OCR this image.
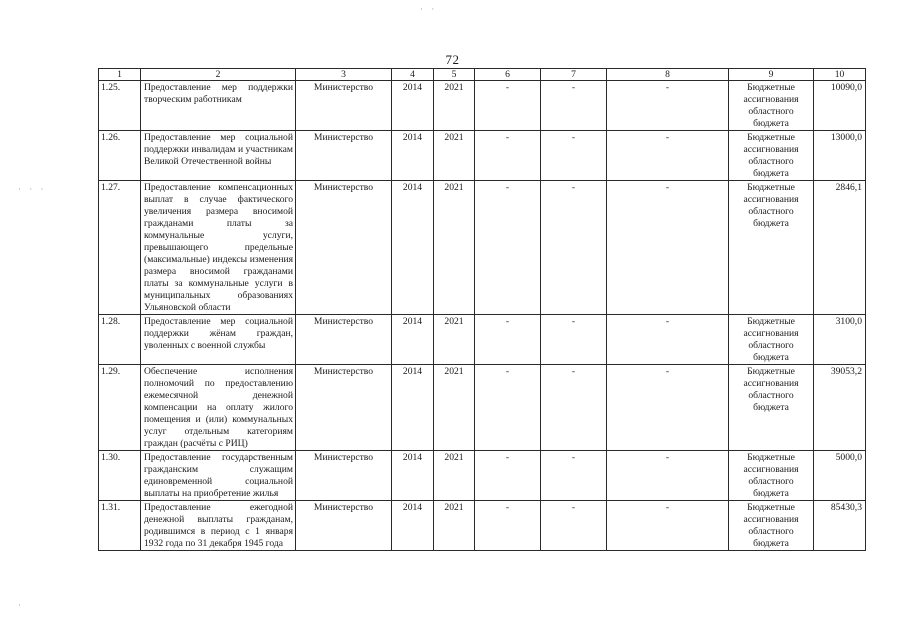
72
1	2	3	4	5	6	7	8	9	10
1.25.	Предоставление мер поддержки творческим работникам	Министерство	2014	2021	-	-	-	Бюджетные ассигнования областного бюджета	10090,0
1.26.	Предоставление мер социальной поддержки инвалидам и участникам Великой Отечественной войны	Министерство	2014	2021	-	-	-	Бюджетные ассигнования областного бюджета	13000,0
1.27.	Предоставление компенсационных выплат в случае фактического увеличения размера вносимой гражданами платы за коммунальные услуги, превышающего предельные (максимальные) индексы изменения размера вносимой гражданами платы за коммунальные услуги в муниципальных образованиях Ульяновской области	Министерство	2014	2021	-	-	-	Бюджетные ассигнования областного бюджета	2846,1
1.28.	Предоставление мер социальной поддержки жёнам граждан, уволенных с военной службы	Министерство	2014	2021	-	-	-	Бюджетные ассигнования областного бюджета	3100,0
1.29.	Обеспечение исполнения полномочий по предоставлению ежемесячной денежной компенсации на оплату жилого помещения и (или) коммунальных услуг отдельным категориям граждан (расчёты с РИЦ)	Министерство	2014	2021	-	-	-	Бюджетные ассигнования областного бюджета	39053,2
1.30.	Предоставление государственным гражданским служащим единовременной социальной выплаты на приобретение жилья	Министерство	2014	2021	-	-	-	Бюджетные ассигнования областного бюджета	5000,0
1.31.	Предоставление ежегодной денежной выплаты гражданам, родившимся в период с 1 января 1932 года по 31 декабря 1945 года	Министерство	2014	2021	-	-	-	Бюджетные ассигнования областного бюджета	85430,3
· ·
· · ·
·
